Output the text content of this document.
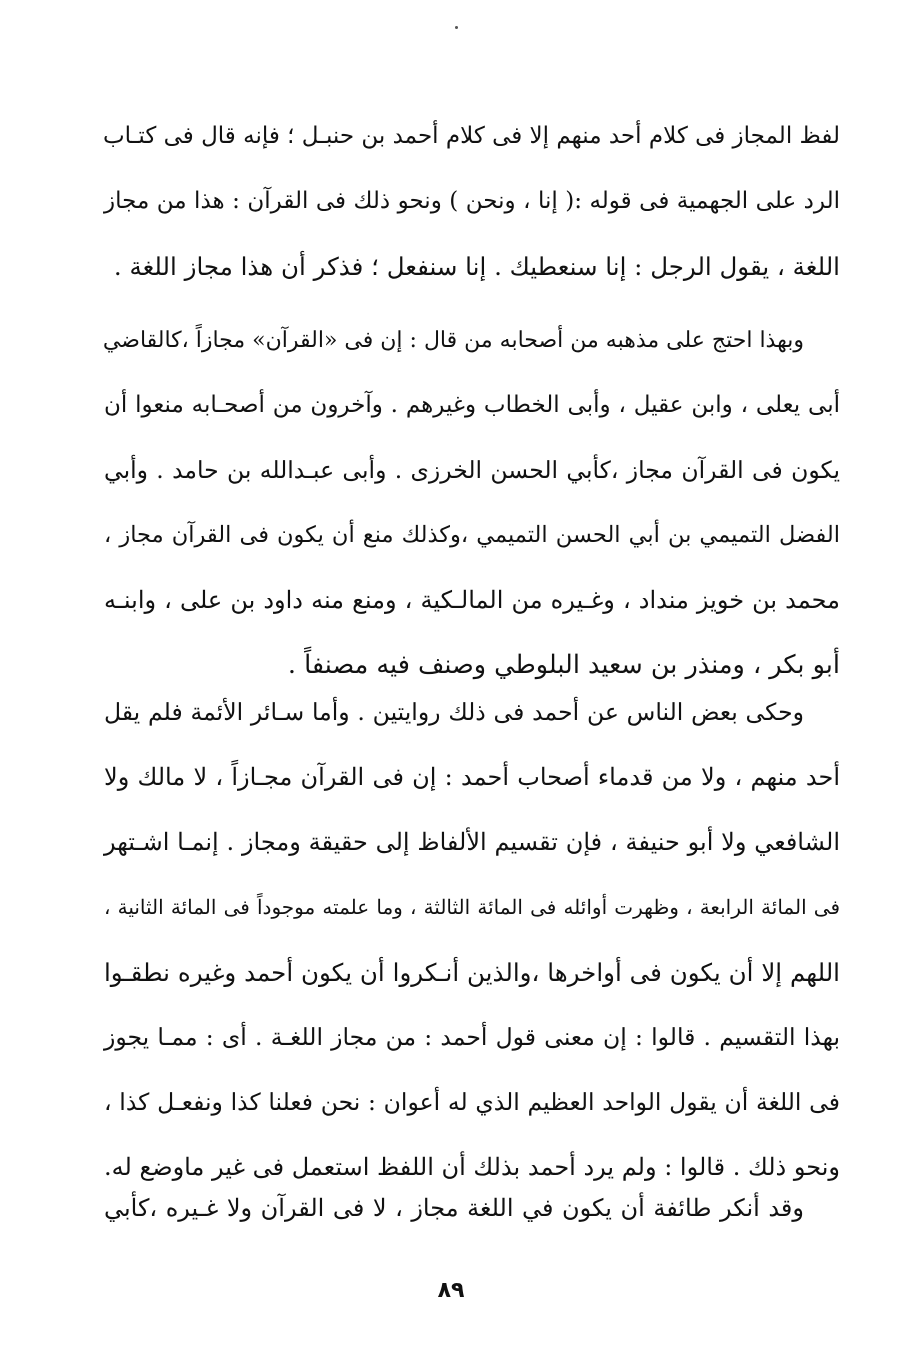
لفظ المجاز فى كلام أحد منهم إلا فى كلام أحمد بن حنبـل ؛ فإنه قال فى كتـاب
الرد على الجهمية فى قوله :( إنا ، ونحن ) ونحو ذلك فى القرآن : هذا من مجاز
اللغة ، يقول الرجل : إنا سنعطيك . إنا سنفعل ؛ فذكر أن هذا مجاز اللغة .
وبهذا احتج على مذهبه من أصحابه من قال : إن فى «القرآن» مجازاً ،كالقاضي
أبى يعلى ، وابن عقيل ، وأبى الخطاب وغيرهم . وآخرون من أصحـابه منعوا أن
يكون فى القرآن مجاز ،كأبي الحسن الخرزى . وأبى عبـدالله بن حامد . وأبي
الفضل التميمي بن أبي الحسن التميمي ،وكذلك منع أن يكون فى القرآن مجاز ،
محمد بن خويز منداد ، وغـيره من المالـكية ، ومنع منه داود بن على ، وابنـه
أبو بكر ، ومنذر بن سعيد البلوطي وصنف فيه مصنفاً .
وحكى بعض الناس عن أحمد فى ذلك روايتين . وأما سـائر الأئمة فلم يقل
أحد منهم ، ولا من قدماء أصحاب أحمد : إن فى القرآن مجـازاً ، لا مالك ولا
الشافعي ولا أبو حنيفة ، فإن تقسيم الألفاظ إلى حقيقة ومجاز . إنمـا اشـتهر
فى المائة الرابعة ، وظهرت أوائله فى المائة الثالثة ، وما علمته موجوداً فى المائة الثانية ،
اللهم إلا أن يكون فى أواخرها ،والذين أنـكروا أن يكون أحمد وغيره نطقـوا
بهذا التقسيم . قالوا : إن معنى قول أحمد : من مجاز اللغـة . أى : ممـا يجوز
فى اللغة أن يقول الواحد العظيم الذي له أعوان : نحن فعلنا كذا ونفعـل كذا ،
ونحو ذلك . قالوا : ولم يرد أحمد بذلك أن اللفظ استعمل فى غير ماوضع له.
وقد أنكر طائفة أن يكون في اللغة مجاز ، لا فى القرآن ولا غـيره ،كأبي
٨٩
